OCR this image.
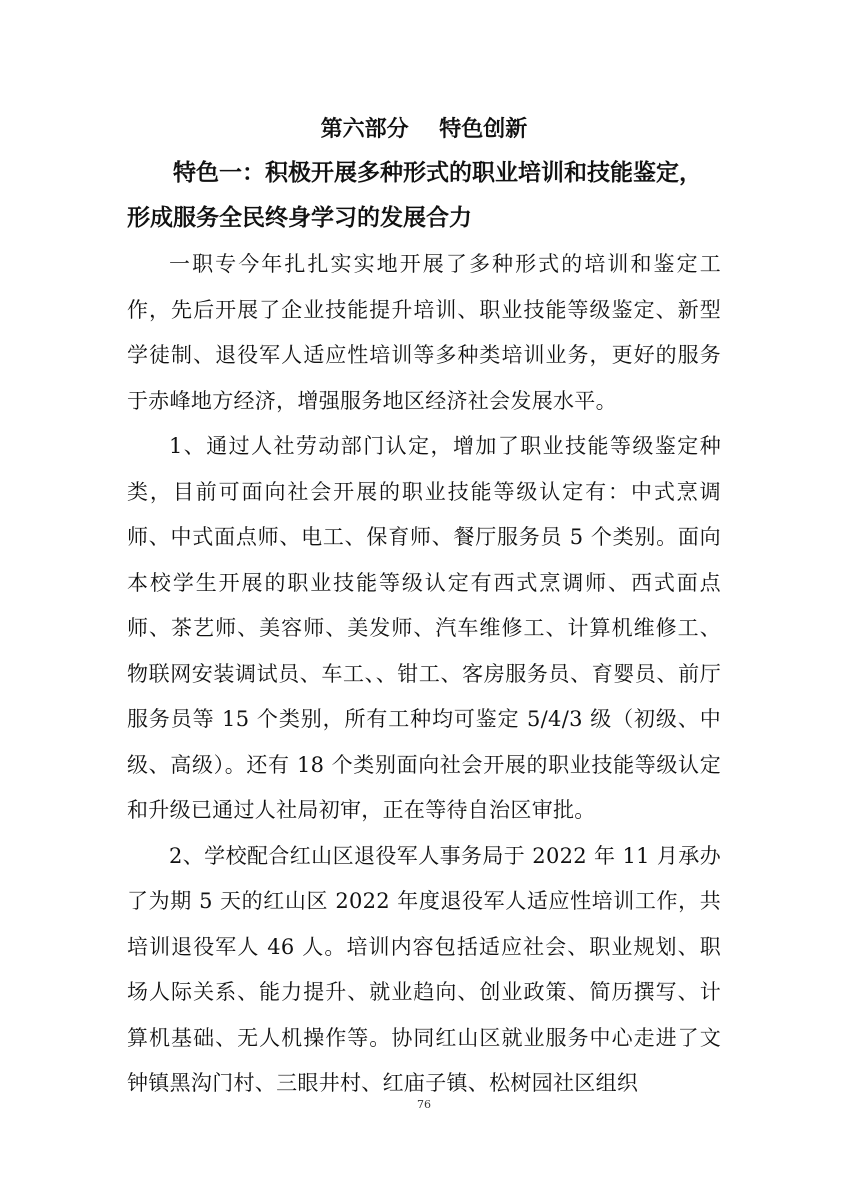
第六部分    特色创新
特色一：积极开展多种形式的职业培训和技能鉴定，形成服务全民终身学习的发展合力

一职专今年扎扎实实地开展了多种形式的培训和鉴定工作，先后开展了企业技能提升培训、职业技能等级鉴定、新型学徒制、退役军人适应性培训等多种类培训业务，更好的服务于赤峰地方经济，增强服务地区经济社会发展水平。

1、通过人社劳动部门认定，增加了职业技能等级鉴定种类，目前可面向社会开展的职业技能等级认定有：中式烹调师、中式面点师、电工、保育师、餐厅服务员 5 个类别。面向本校学生开展的职业技能等级认定有西式烹调师、西式面点师、茶艺师、美容师、美发师、汽车维修工、计算机维修工、物联网安装调试员、车工、、钳工、客房服务员、育婴员、前厅服务员等 15 个类别，所有工种均可鉴定 5/4/3 级（初级、中级、高级）。还有 18 个类别面向社会开展的职业技能等级认定和升级已通过人社局初审，正在等待自治区审批。

2、学校配合红山区退役军人事务局于 2022 年 11 月承办了为期 5 天的红山区 2022 年度退役军人适应性培训工作，共培训退役军人 46 人。培训内容包括适应社会、职业规划、职场人际关系、能力提升、就业趋向、创业政策、简历撰写、计算机基础、无人机操作等。协同红山区就业服务中心走进了文钟镇黑沟门村、三眼井村、红庙子镇、松树园社区组织

76
